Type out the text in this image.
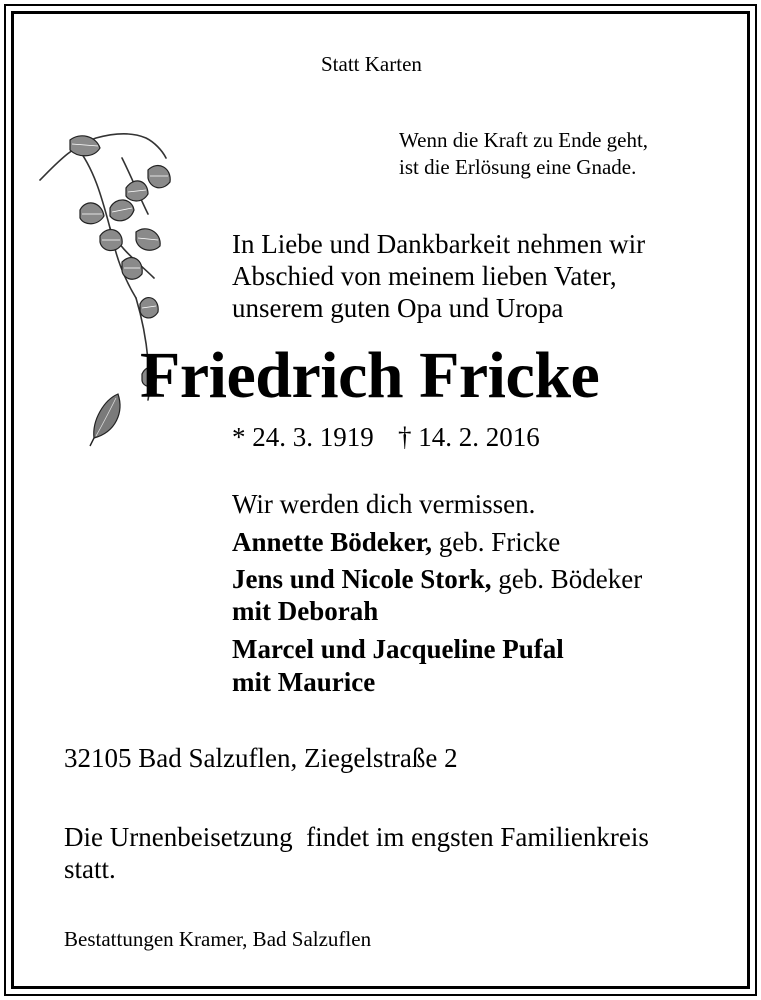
Statt Karten
Wenn die Kraft zu Ende geht,
ist die Erlösung eine Gnade.
In Liebe und Dankbarkeit nehmen wir
Abschied von meinem lieben Vater,
unserem guten Opa und Uropa
Friedrich Fricke
* 24. 3. 1919 † 14. 2. 2016
Wir werden dich vermissen.
Annette Bödeker, geb. Fricke
Jens und Nicole Stork, geb. Bödeker
mit Deborah
Marcel und Jacqueline Pufal
mit Maurice
32105 Bad Salzuflen, Ziegelstraße 2
Die Urnenbeisetzung  findet im engsten Familienkreis
statt.
Bestattungen Kramer, Bad Salzuflen
